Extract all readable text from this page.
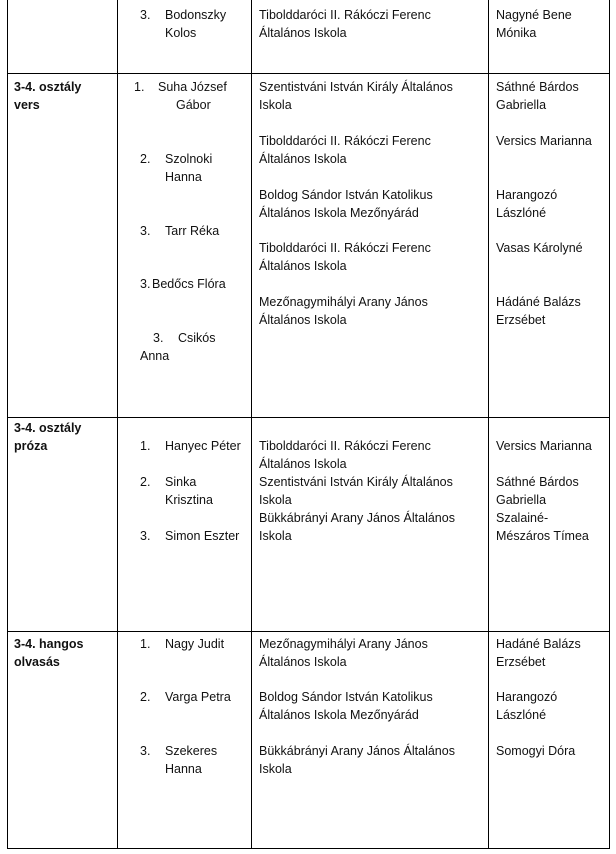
3. Bodonszky
Kolos
Tibolddaróci II. Rákóczi Ferenc
Általános Iskola
Nagyné Bene
Mónika
3-4. osztály
vers
1. Suha József
Gábor
2. Szolnoki
Hanna
3. Tarr Réka
3. Bedőcs Flóra
3. Csikós
Anna
Szentistváni István Király Általános
Iskola
Tibolddaróci II. Rákóczi Ferenc
Általános Iskola
Boldog Sándor István Katolikus
Általános Iskola Mezőnyárád
Tibolddaróci II. Rákóczi Ferenc
Általános Iskola
Mezőnagymihályi Arany János
Általános Iskola
Sáthné Bárdos
Gabriella
Versics Marianna
Harangozó
Lászlóné
Vasas Károlyné
Hádáné Balázs
Erzsébet
3-4. osztály
próza	1. Hanyec Péter
2. Sinka
Krisztina
3. Simon Eszter
Tibolddaróci II. Rákóczi Ferenc
Általános Iskola
Szentistváni István Király Általános
Iskola
Bükkábrányi Arany János Általános
Iskola
Versics Marianna
Sáthné Bárdos
Gabriella
Szalainé-
Mészáros Tímea
3-4. hangos
olvasás
1. Nagy Judit
2. Varga Petra
3. Szekeres
Hanna
Mezőnagymihályi Arany János
Általános Iskola
Boldog Sándor István Katolikus
Általános Iskola Mezőnyárád
Bükkábrányi Arany János Általános
Iskola
Hadáné Balázs
Erzsébet
Harangozó
Lászlóné
Somogyi Dóra
